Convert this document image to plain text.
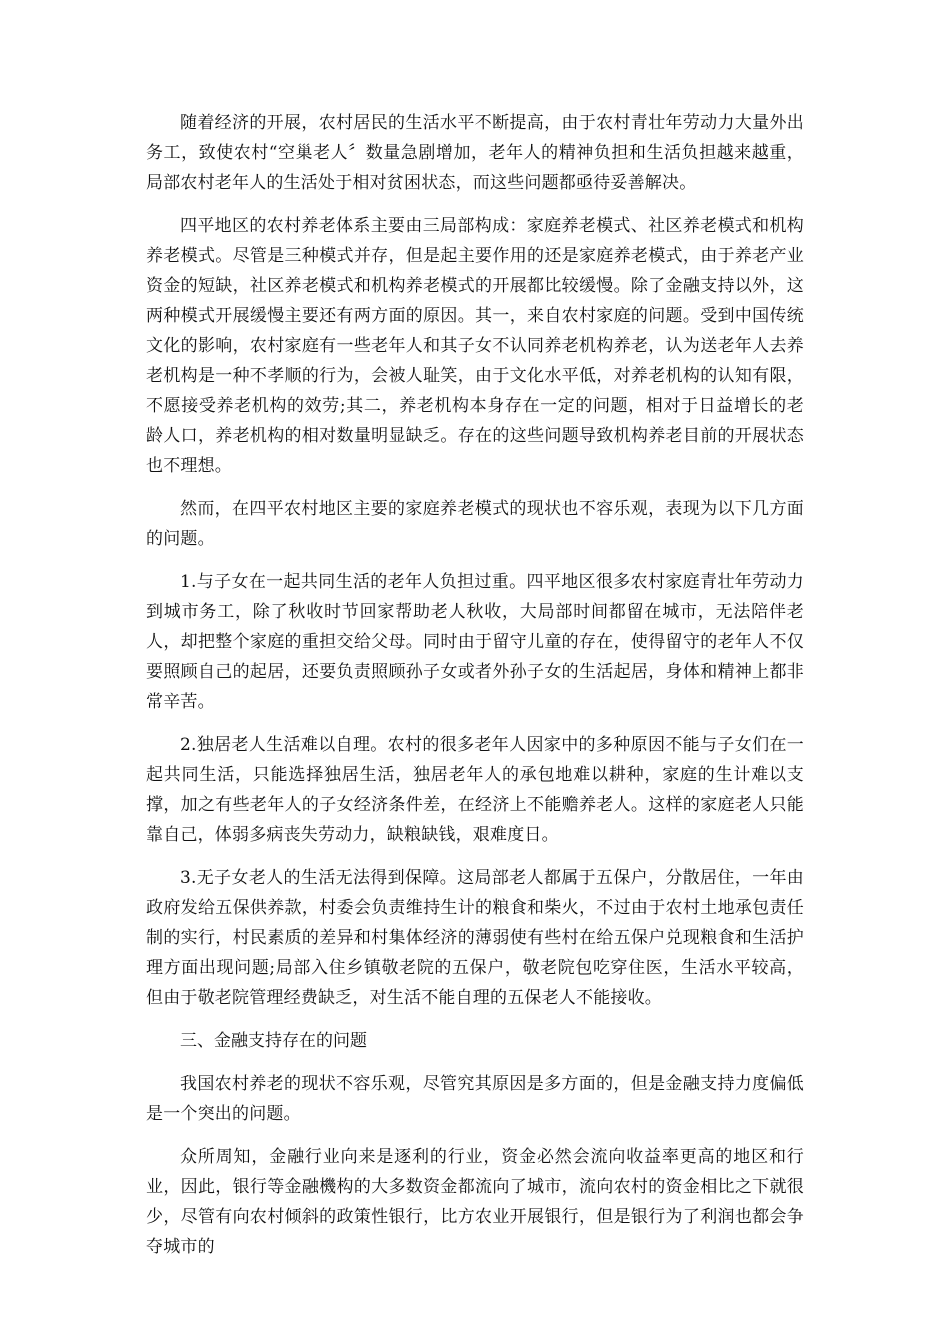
随着经济的开展，农村居民的生活水平不断提高，由于农村青壮年劳动力大量外出务工，致使农村“空巢老人〞数量急剧增加，老年人的精神负担和生活负担越来越重，局部农村老年人的生活处于相对贫困状态，而这些问题都亟待妥善解决。

四平地区的农村养老体系主要由三局部构成：家庭养老模式、社区养老模式和机构养老模式。尽管是三种模式并存，但是起主要作用的还是家庭养老模式，由于养老产业资金的短缺，社区养老模式和机构养老模式的开展都比较缓慢。除了金融支持以外，这两种模式开展缓慢主要还有两方面的原因。其一，来自农村家庭的问题。受到中国传统文化的影响，农村家庭有一些老年人和其子女不认同养老机构养老，认为送老年人去养老机构是一种不孝顺的行为，会被人耻笑，由于文化水平低，对养老机构的认知有限，不愿接受养老机构的效劳;其二，养老机构本身存在一定的问题，相对于日益增长的老龄人口，养老机构的相对数量明显缺乏。存在的这些问题导致机构养老目前的开展状态也不理想。

然而，在四平农村地区主要的家庭养老模式的现状也不容乐观，表现为以下几方面的问题。

1.与子女在一起共同生活的老年人负担过重。四平地区很多农村家庭青壮年劳动力到城市务工，除了秋收时节回家帮助老人秋收，大局部时间都留在城市，无法陪伴老人，却把整个家庭的重担交给父母。同时由于留守儿童的存在，使得留守的老年人不仅要照顾自己的起居，还要负责照顾孙子女或者外孙子女的生活起居，身体和精神上都非常辛苦。

2.独居老人生活难以自理。农村的很多老年人因家中的多种原因不能与子女们在一起共同生活，只能选择独居生活，独居老年人的承包地难以耕种，家庭的生计难以支撑，加之有些老年人的子女经济条件差，在经济上不能赡养老人。这样的家庭老人只能靠自己，体弱多病丧失劳动力，缺粮缺钱，艰难度日。

3.无子女老人的生活无法得到保障。这局部老人都属于五保户，分散居住，一年由政府发给五保供养款，村委会负责维持生计的粮食和柴火，不过由于农村土地承包责任制的实行，村民素质的差异和村集体经济的薄弱使有些村在给五保户兑现粮食和生活护理方面出现问题;局部入住乡镇敬老院的五保户，敬老院包吃穿住医，生活水平较高，但由于敬老院管理经费缺乏，对生活不能自理的五保老人不能接收。

三、金融支持存在的问题

我国农村养老的现状不容乐观，尽管究其原因是多方面的，但是金融支持力度偏低是一个突出的问题。

众所周知，金融行业向来是逐利的行业，资金必然会流向收益率更高的地区和行业，因此，银行等金融機构的大多数资金都流向了城市，流向农村的资金相比之下就很少，尽管有向农村倾斜的政策性银行，比方农业开展银行，但是银行为了利润也都会争夺城市的
